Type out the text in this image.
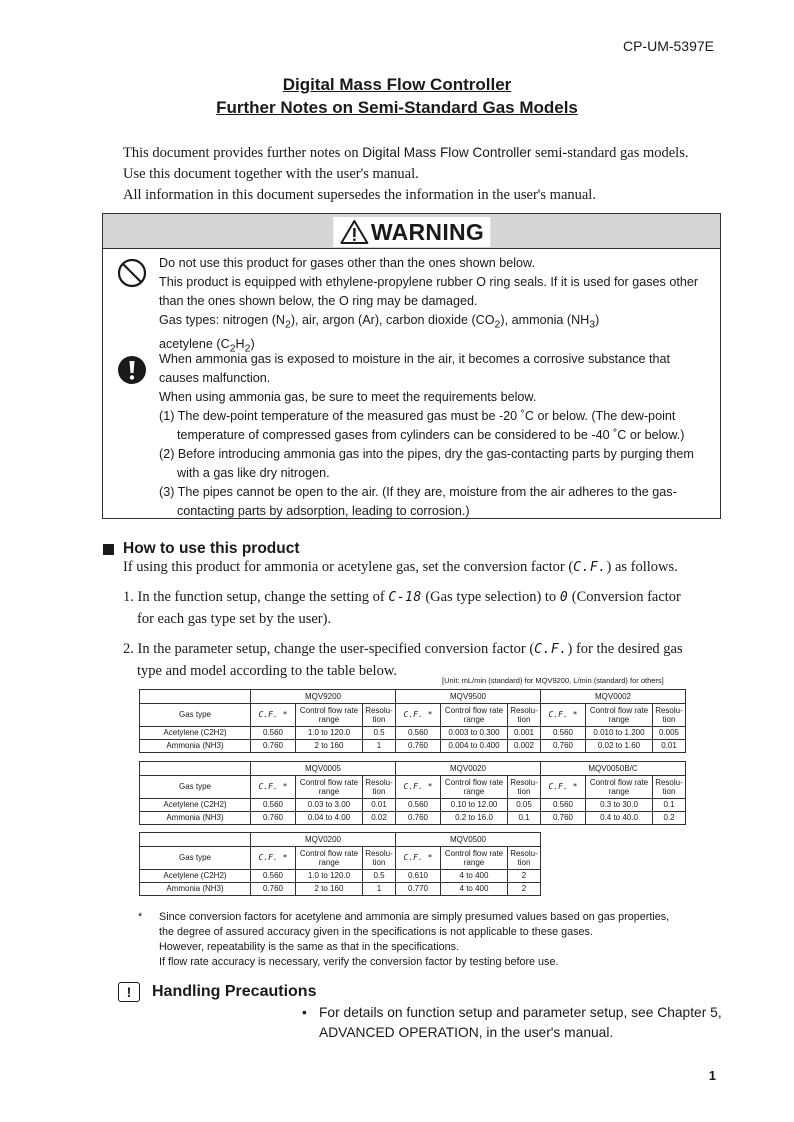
CP-UM-5397E
Digital Mass Flow Controller
Further Notes on Semi-Standard Gas Models
This document provides further notes on Digital Mass Flow Controller semi-standard gas models.
Use this document together with the user's manual.
All information in this document supersedes the information in the user's manual.
WARNING

Do not use this product for gases other than the ones shown below.

This product is equipped with ethylene-propylene rubber O ring seals. If it is used for gases other than the ones shown below, the O ring may be damaged.

Gas types: nitrogen $(N_2)$, air, argon (Ar), carbon dioxide $(CO_2)$, ammonia $(NH_3)$

acetylene $(C_2H_2)$

When ammonia gas is exposed to moisture in the air, it becomes a corrosive substance that causes malfunction.

When using ammonia gas, be sure to meet the requirements below.

(1) The dew-point temperature of the measured gas must be -20 ˚C or below. (The dew-point temperature of compressed gases from cylinders can be considered to be -40 ˚C or below.)

(2) Before introducing ammonia gas into the pipes, dry the gas-contacting parts by purging them with a gas like dry nitrogen.

(3) The pipes cannot be open to the air. (If they are, moisture from the air adheres to the gas-contacting parts by adsorption, leading to corrosion.)

How to use this product
If using this product for ammonia or acetylene gas, set the conversion factor (C.F.) as follows.
1. In the function setup, change the setting of C-18 (Gas type selection) to 0 (Conversion factor
for each gas type set by the user).
2. In the parameter setup, change the user-specified conversion factor (C.F.) for the desired gas
type and model according to the table below.
[Unit: mL/min (standard) for MQV9200, L/min (standard) for others]
	MQV9200			MQV9500			MQV0002		
Gas type	C.F. *	Control flow rate range	Resolu-tion	C.F. *	Control flow rate range	Resolu-tion	C.F. *	Control flow rate range	Resolu-tion
Acetylene (C2H2)	0.560	1.0 to 120.0	0.5	0.560	0.003 to 0.300	0.001	0.560	0.010 to 1.200	0.005
Ammonia (NH3)	0.760	2 to 160	1	0.760	0.004 to 0.400	0.002	0.760	0.02 to 1.60	0.01
	MQV0005			MQV0020			MQV0050B/C		
Gas type	C.F. *	Control flow rate range	Resolu-tion	C.F. *	Control flow rate range	Resolu-tion	C.F. *	Control flow rate range	Resolu-tion
Acetylene (C2H2)	0.560	0.03 to 3.00	0.01	0.560	0.10 to 12.00	0.05	0.560	0.3 to 30.0	0.1
Ammonia (NH3)	0.760	0.04 to 4.00	0.02	0.760	0.2 to 16.0	0.1	0.760	0.4 to 40.0	0.2
	MQV0200			MQV0500		
Gas type	C.F. *	Control flow rate range	Resolu-tion	C.F. *	Control flow rate range	Resolu-tion
Acetylene (C2H2)	0.560	1.0 to 120.0	0.5	0.610	4 to 400	2
Ammonia (NH3)	0.760	2 to 160	1	0.770	4 to 400	2
* Since conversion factors for acetylene and ammonia are simply presumed values based on gas properties,
the degree of assured accuracy given in the specifications is not applicable to these gases.
However, repeatability is the same as that in the specifications.
If flow rate accuracy is necessary, verify the conversion factor by testing before use.
!	Handling Precautions
• For details on function setup and parameter setup, see Chapter 5,
ADVANCED OPERATION, in the user's manual.
1
